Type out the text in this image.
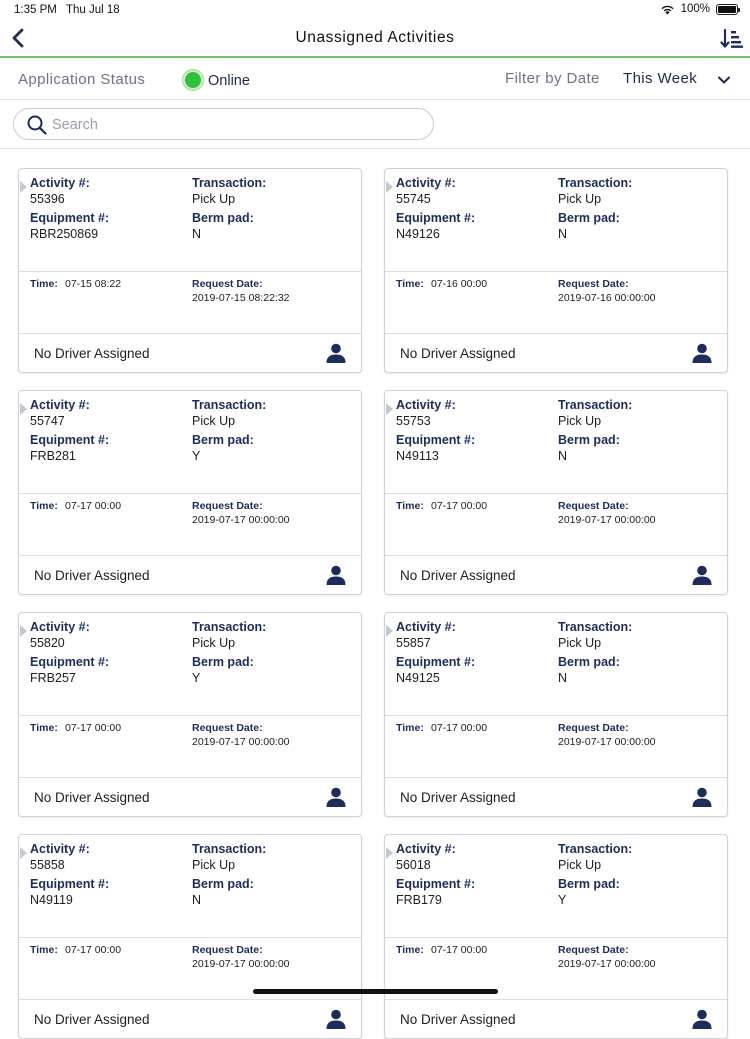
1:35 PM Thu Jul 18	100%
Unassigned Activities
Application Status	Online	Filter by Date This Week
Search
Activity #:
55396
Transaction:
Pick Up
Equipment #:
RBR250869
Berm pad:
N
Time: 07-15 08:22	Request Date:
2019-07-15 08:22:32
No Driver Assigned
Activity #:
55745
Transaction:
Pick Up
Equipment #:
N49126
Berm pad:
N
Time: 07-16 00:00	Request Date:
2019-07-16 00:00:00
No Driver Assigned
Activity #:
55747
Transaction:
Pick Up
Equipment #:
FRB281
Berm pad:
Y
Time: 07-17 00:00	Request Date:
2019-07-17 00:00:00
No Driver Assigned
Activity #:
55753
Transaction:
Pick Up
Equipment #:
N49113
Berm pad:
N
Time: 07-17 00:00	Request Date:
2019-07-17 00:00:00
No Driver Assigned
Activity #:
55820
Transaction:
Pick Up
Equipment #:
FRB257
Berm pad:
Y
Time: 07-17 00:00	Request Date:
2019-07-17 00:00:00
No Driver Assigned
Activity #:
55857
Transaction:
Pick Up
Equipment #:
N49125
Berm pad:
N
Time: 07-17 00:00	Request Date:
2019-07-17 00:00:00
No Driver Assigned
Activity #:
55858
Transaction:
Pick Up
Equipment #:
N49119
Berm pad:
N
Time: 07-17 00:00	Request Date:
2019-07-17 00:00:00
No Driver Assigned
Activity #:
56018
Transaction:
Pick Up
Equipment #:
FRB179
Berm pad:
Y
Time: 07-17 00:00	Request Date:
2019-07-17 00:00:00
No Driver Assigned
